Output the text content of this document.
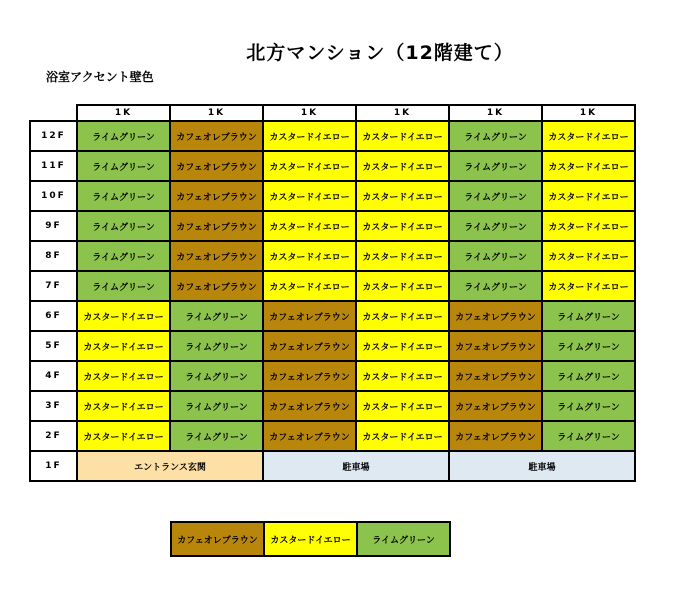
北方マンション（12階建て）
浴室アクセント壁色
	1K	1K	1K	1K	1K	1K
12F	ライムグリーン	カフェオレブラウン	カスタードイエロー	カスタードイエロー	ライムグリーン	カスタードイエロー
11F	ライムグリーン	カフェオレブラウン	カスタードイエロー	カスタードイエロー	ライムグリーン	カスタードイエロー
10F	ライムグリーン	カフェオレブラウン	カスタードイエロー	カスタードイエロー	ライムグリーン	カスタードイエロー
9F	ライムグリーン	カフェオレブラウン	カスタードイエロー	カスタードイエロー	ライムグリーン	カスタードイエロー
8F	ライムグリーン	カフェオレブラウン	カスタードイエロー	カスタードイエロー	ライムグリーン	カスタードイエロー
7F	ライムグリーン	カフェオレブラウン	カスタードイエロー	カスタードイエロー	ライムグリーン	カスタードイエロー
6F	カスタードイエロー	ライムグリーン	カフェオレブラウン	カスタードイエロー	カフェオレブラウン	ライムグリーン
5F	カスタードイエロー	ライムグリーン	カフェオレブラウン	カスタードイエロー	カフェオレブラウン	ライムグリーン
4F	カスタードイエロー	ライムグリーン	カフェオレブラウン	カスタードイエロー	カフェオレブラウン	ライムグリーン
3F	カスタードイエロー	ライムグリーン	カフェオレブラウン	カスタードイエロー	カフェオレブラウン	ライムグリーン
2F	カスタードイエロー	ライムグリーン	カフェオレブラウン	カスタードイエロー	カフェオレブラウン	ライムグリーン
1F	エントランス玄関		駐車場		駐車場	
カフェオレブラウン	カスタードイエロー	ライムグリーン
